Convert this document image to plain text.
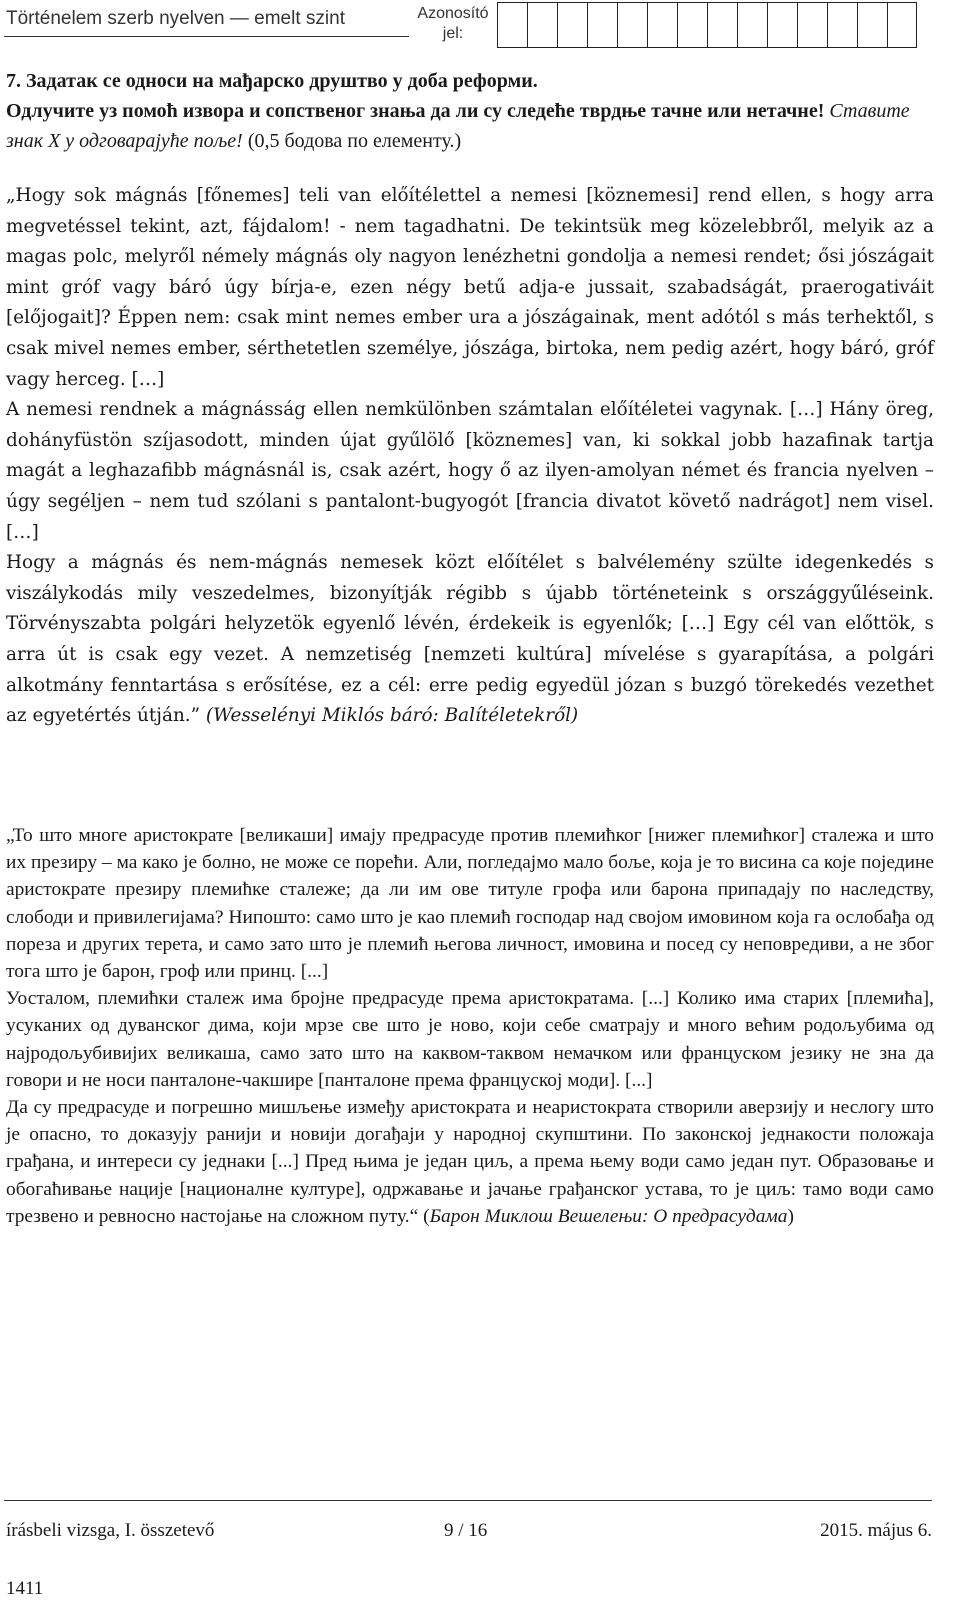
Történelem szerb nyelven — emelt szint	Azonosító jel:
7. Задатак се односи на мађарско друштво у доба реформи.
Одлучите уз помоћ извора и сопственог знања да ли су следеће тврдње тачне или нетачне! Ставите знак X у одговарајуће поље! (0,5 бодова по елементу.)

„Hogy sok mágnás [főnemes] teli van előítélettel a nemesi [köznemesi] rend ellen, s hogy arra megvetéssel tekint, azt, fájdalom! - nem tagadhatni. De tekintsük meg közelebbről, melyik az a magas polc, melyről némely mágnás oly nagyon lenézhetni gondolja a nemesi rendet; ősi jószágait mint gróf vagy báró úgy bírja-e, ezen négy betű adja-e jussait, szabadságát, praerogativáit [előjogait]? Éppen nem: csak mint nemes ember ura a jószágainak, ment adótól s más terhektől, s csak mivel nemes ember, sérthetetlen személye, jószága, birtoka, nem pedig azért, hogy báró, gróf vagy herceg. […]

A nemesi rendnek a mágnásság ellen nemkülönben számtalan előítéletei vagynak. […] Hány öreg, dohányfüstön szíjasodott, minden újat gyűlölő [köznemes] van, ki sokkal jobb hazafinak tartja magát a leghazafibb mágnásnál is, csak azért, hogy ő az ilyen-amolyan német és francia nyelven – úgy segéljen – nem tud szólani s pantalont-bugyogót [francia divatot követő nadrágot] nem visel. […]

Hogy a mágnás és nem-mágnás nemesek közt előítélet s balvélemény szülte idegenkedés s viszálykodás mily veszedelmes, bizonyítják régibb s újabb történeteink s országgyűléseink. Törvényszabta polgári helyzetök egyenlő lévén, érdekeik is egyenlők; […] Egy cél van előttök, s arra út is csak egy vezet. A nemzetiség [nemzeti kultúra] mívelése s gyarapítása, a polgári alkotmány fenntartása s erősítése, ez a cél: erre pedig egyedül józan s buzgó törekedés vezethet az egyetértés útján.” (Wesselényi Miklós báró: Balítéletekről)

„То што многе аристократе [великаши] имају предрасуде против племићког [нижег племићког] сталежа и што их презиру – ма како је болно, не може се порећи. Али, погледајмо мало боље, која је то висина са које поједине аристократе презиру племићке сталеже; да ли им ове титуле грофа или барона припадају по наследству, слободи и привилегијама? Нипошто: само што је као племић господар над својом имовином која га ослобађа од пореза и других терета, и само зато што је племић његова личност, имовина и посед су неповредиви, а не због тога што је барон, гроф или принц. [...]

Уосталом, племићки сталеж има бројне предрасуде према аристократама. [...] Колико има старих [племића], усуканих од дуванског дима, који мрзе све што је ново, који себе сматрају и много већим родољубима од најродољубивијих великаша, само зато што на каквом-таквом немачком или француском језику не зна да говори и не носи панталоне-чакшире [панталоне према француској моди]. [...]

Да су предрасуде и погрешно мишљење између аристократа и неаристократа створили аверзију и неслогу што је опасно, то доказују ранији и новији догађаји у народној скупштини. По законској једнакости положаја грађана, и интереси су једнаки [...] Пред њима је један циљ, а према њему води само један пут. Образовање и обогаћивање нације [националне културе], одржавање и јачање грађанског устава, то је циљ: тамо води само трезвено и ревносно настојање на сложном путу.“ (Барон Миклош Вешелењи: О предрасудама)

írásbeli vizsga, I. összetevő	9 / 16	2015. május 6.
1411
